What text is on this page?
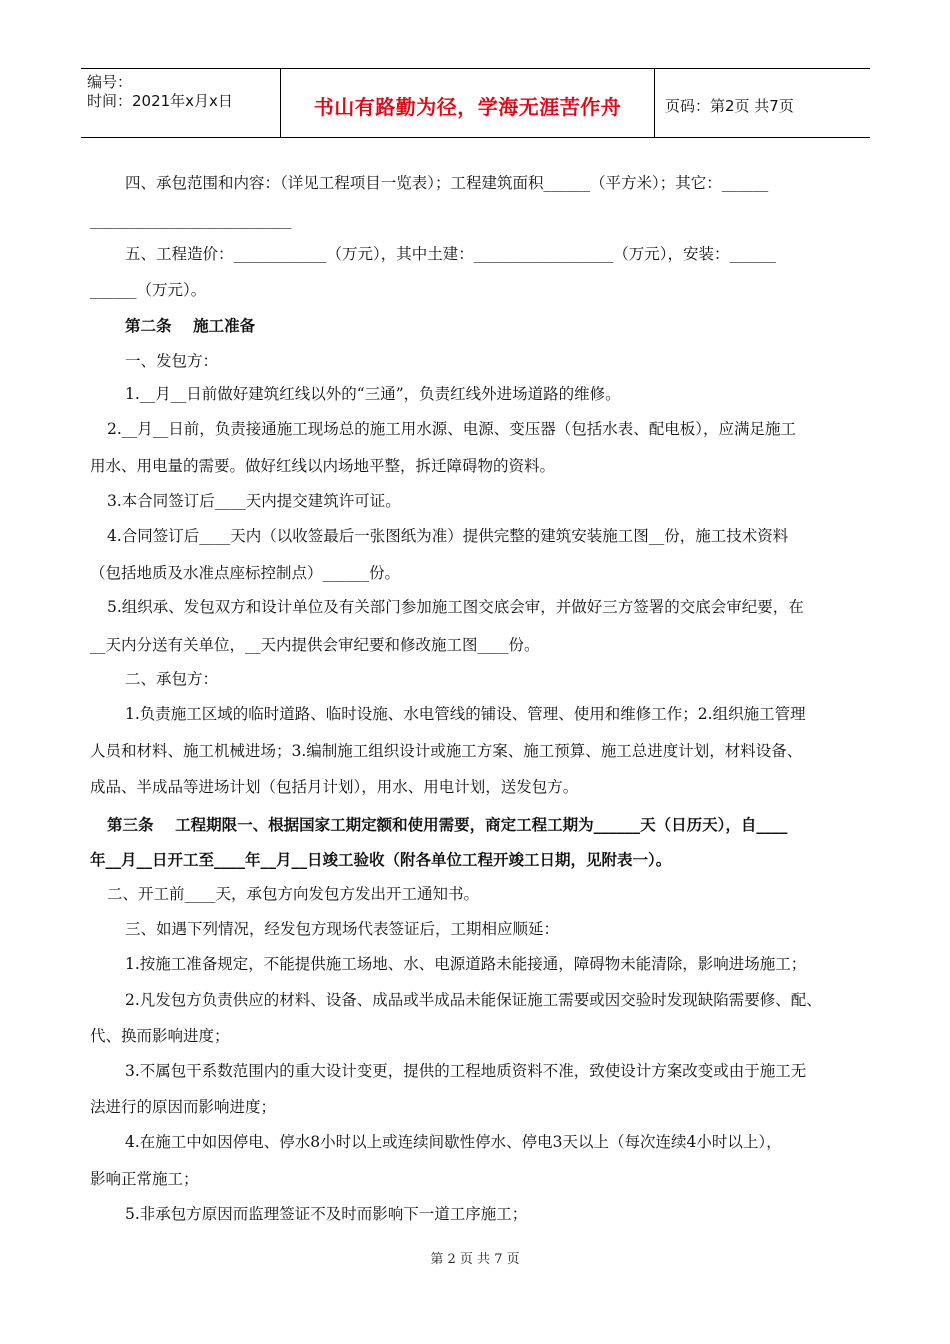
编号：
时间：2021年x月x日	书山有路勤为径，学海无涯苦作舟	页码：第2页 共7页
四、承包范围和内容：（详见工程项目一览表）；工程建筑面积______（平方米）；其它：______
__________________________
五、工程造价：____________（万元），其中土建：__________________（万元），安装：______
______（万元）。
第二条    施工准备
一、发包方：
1.__月__日前做好建筑红线以外的“三通”，负责红线外进场道路的维修。
2.__月__日前，负责接通施工现场总的施工用水源、电源、变压器（包括水表、配电板），应满足施工
用水、用电量的需要。做好红线以内场地平整，拆迁障碍物的资料。
3.本合同签订后____天内提交建筑许可证。
4.合同签订后____天内（以收签最后一张图纸为准）提供完整的建筑安装施工图__份，施工技术资料
（包括地质及水准点座标控制点）______份。
5.组织承、发包双方和设计单位及有关部门参加施工图交底会审，并做好三方签署的交底会审纪要，在
__天内分送有关单位，__天内提供会审纪要和修改施工图____份。
二、承包方：
1.负责施工区域的临时道路、临时设施、水电管线的铺设、管理、使用和维修工作；2.组织施工管理
人员和材料、施工机械进场；3.编制施工组织设计或施工方案、施工预算、施工总进度计划，材料设备、
成品、半成品等进场计划（包括月计划），用水、用电计划，送发包方。
第三条    工程期限一、根据国家工期定额和使用需要，商定工程工期为______天（日历天），自____
年__月__日开工至____年__月__日竣工验收（附各单位工程开竣工日期，见附表一）。
二、开工前____天，承包方向发包方发出开工通知书。
三、如遇下列情况，经发包方现场代表签证后，工期相应顺延：
1.按施工准备规定，不能提供施工场地、水、电源道路未能接通，障碍物未能清除，影响进场施工；
2.凡发包方负责供应的材料、设备、成品或半成品未能保证施工需要或因交验时发现缺陷需要修、配、
代、换而影响进度；
3.不属包干系数范围内的重大设计变更，提供的工程地质资料不准，致使设计方案改变或由于施工无
法进行的原因而影响进度；
4.在施工中如因停电、停水8小时以上或连续间歇性停水、停电3天以上（每次连续4小时以上），
影响正常施工；
5.非承包方原因而监理签证不及时而影响下一道工序施工；
第 2 页 共 7 页
